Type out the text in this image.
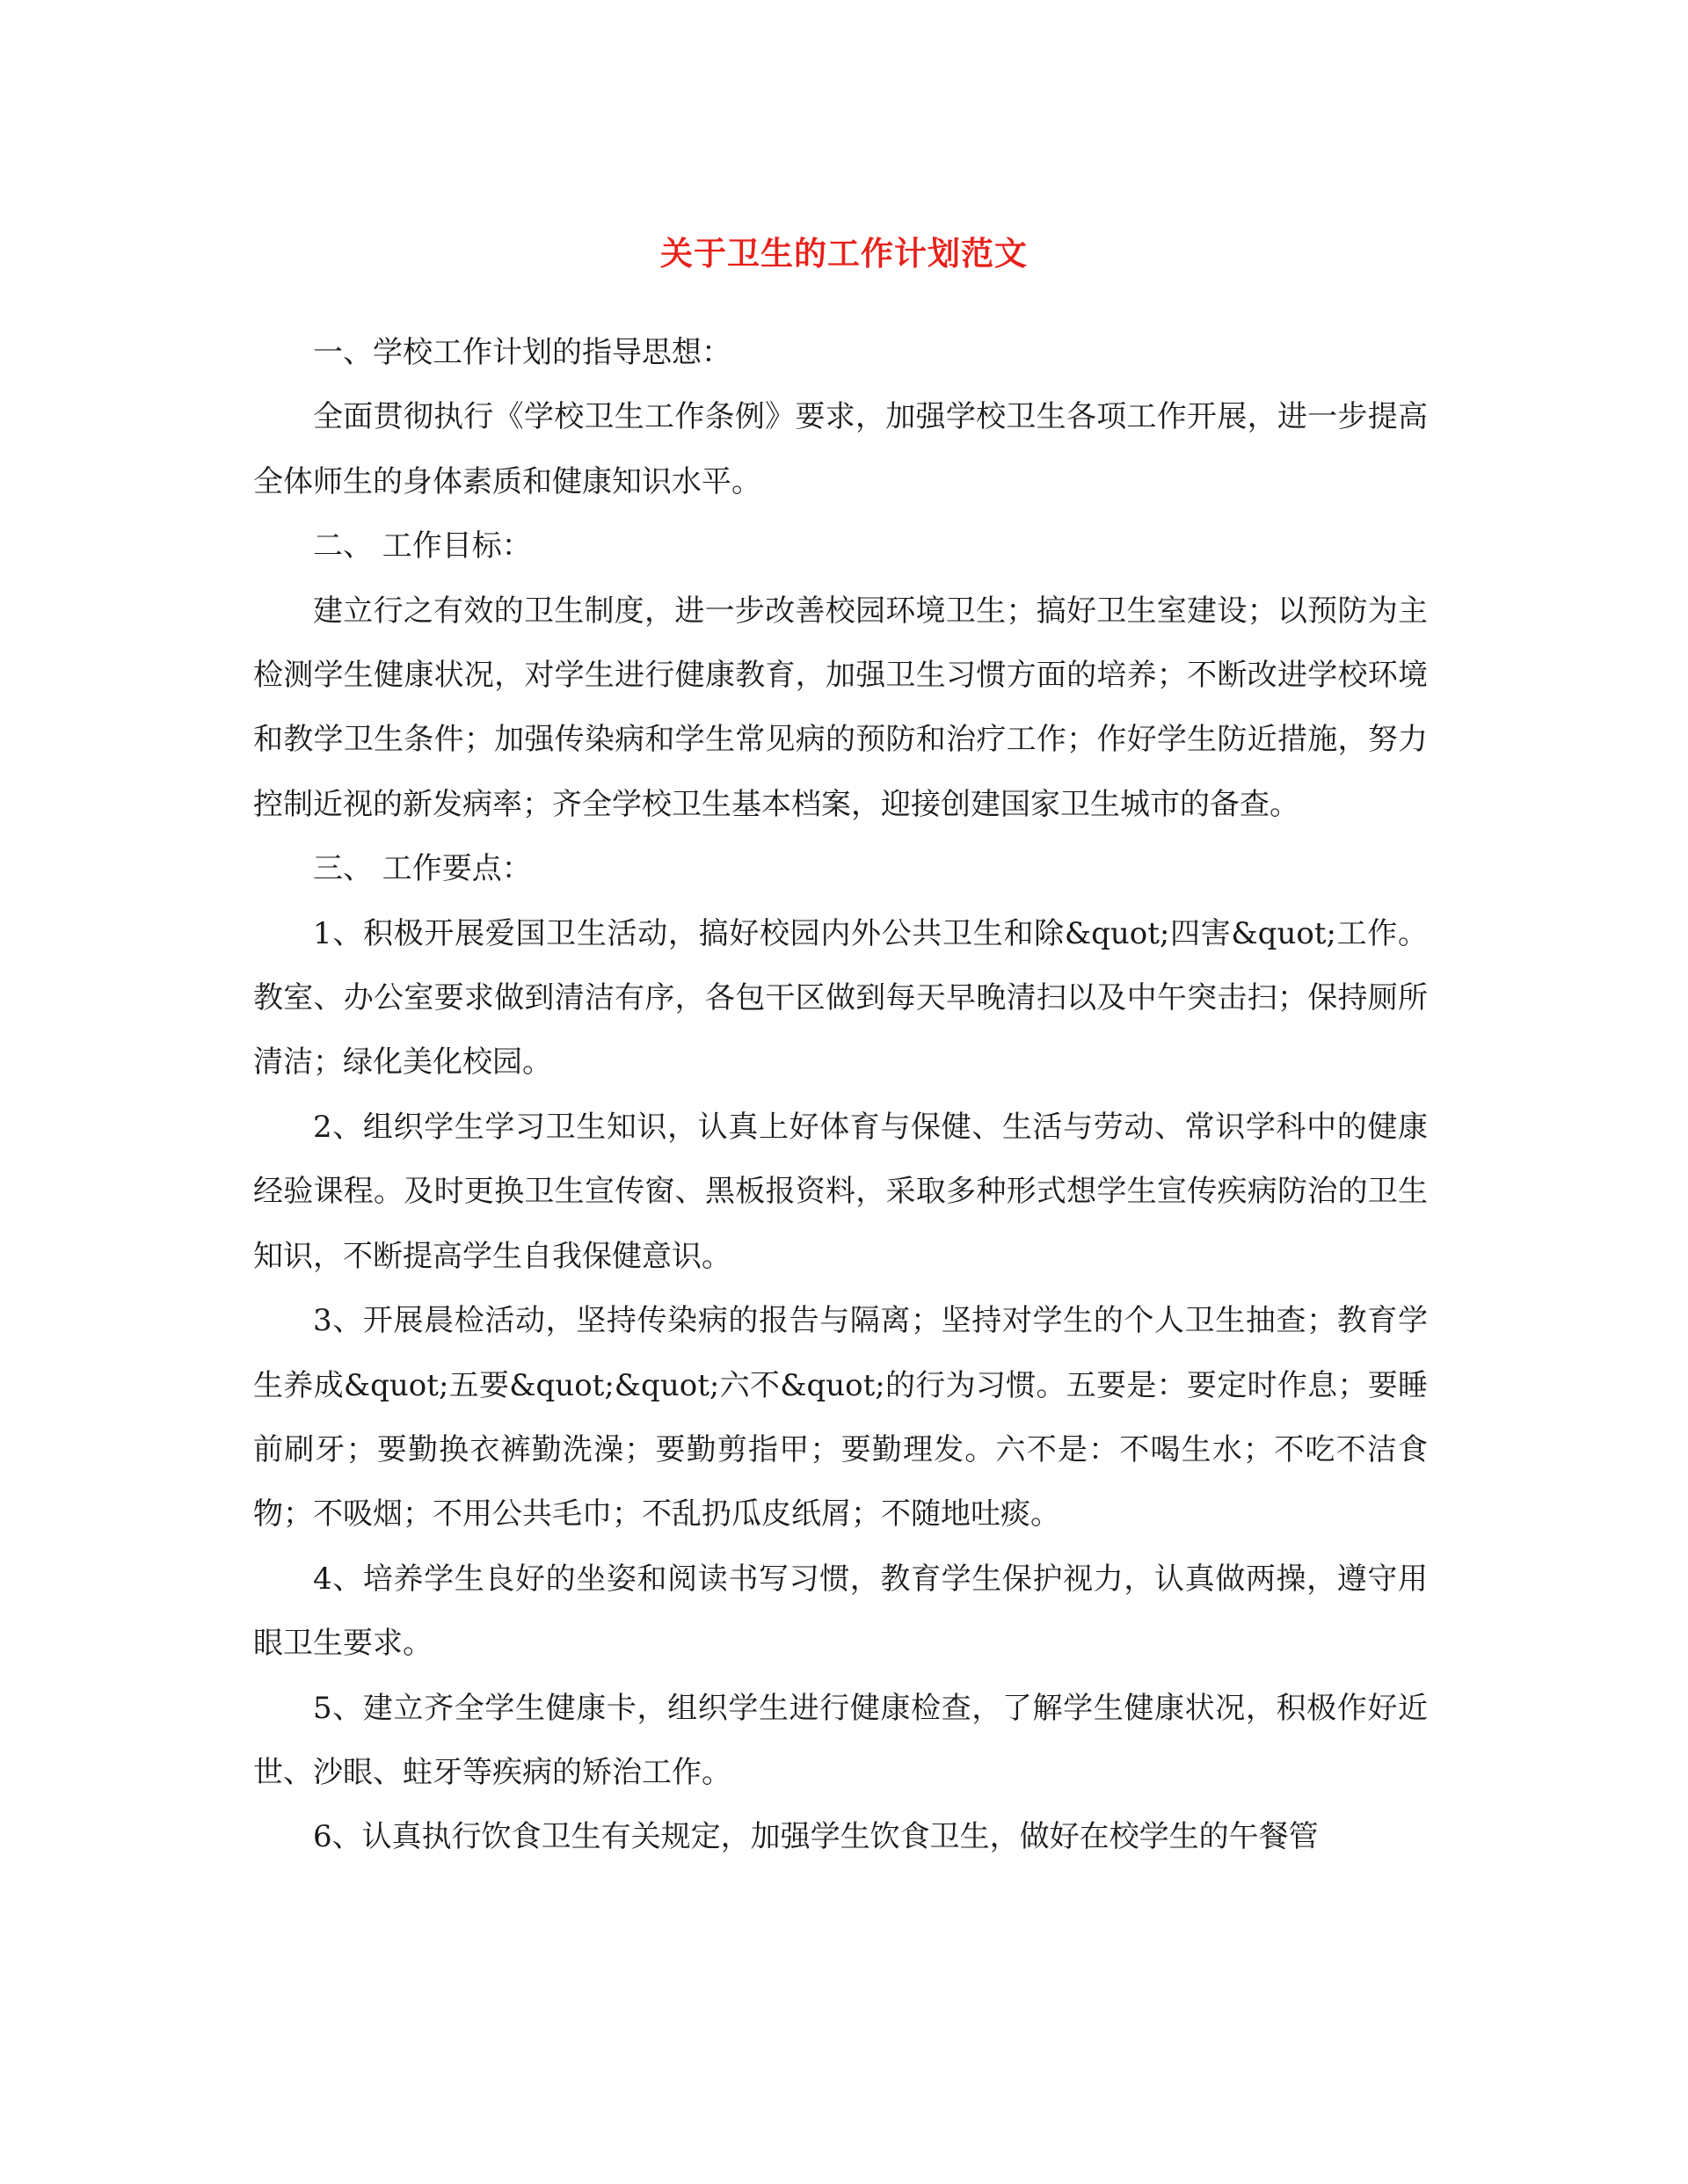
关于卫生的工作计划范文

一、学校工作计划的指导思想：

全面贯彻执行《学校卫生工作条例》要求，加强学校卫生各项工作开展，进一步提高全体师生的身体素质和健康知识水平。

二、 工作目标：

建立行之有效的卫生制度，进一步改善校园环境卫生；搞好卫生室建设；以预防为主检测学生健康状况，对学生进行健康教育，加强卫生习惯方面的培养；不断改进学校环境和教学卫生条件；加强传染病和学生常见病的预防和治疗工作；作好学生防近措施，努力控制近视的新发病率；齐全学校卫生基本档案，迎接创建国家卫生城市的备查。

三、 工作要点：

1、积极开展爱国卫生活动，搞好校园内外公共卫生和除&quot;四害&quot;工作。教室、办公室要求做到清洁有序，各包干区做到每天早晚清扫以及中午突击扫；保持厕所清洁；绿化美化校园。

2、组织学生学习卫生知识，认真上好体育与保健、生活与劳动、常识学科中的健康经验课程。及时更换卫生宣传窗、黑板报资料，采取多种形式想学生宣传疾病防治的卫生知识，不断提高学生自我保健意识。

3、开展晨检活动，坚持传染病的报告与隔离；坚持对学生的个人卫生抽查；教育学生养成&quot;五要&quot;&quot;六不&quot;的行为习惯。五要是：要定时作息；要睡前刷牙；要勤换衣裤勤洗澡；要勤剪指甲；要勤理发。六不是：不喝生水；不吃不洁食物；不吸烟；不用公共毛巾；不乱扔瓜皮纸屑；不随地吐痰。

4、培养学生良好的坐姿和阅读书写习惯，教育学生保护视力，认真做两操，遵守用眼卫生要求。

5、建立齐全学生健康卡，组织学生进行健康检查，了解学生健康状况，积极作好近世、沙眼、蛀牙等疾病的矫治工作。

6、认真执行饮食卫生有关规定，加强学生饮食卫生，做好在校学生的午餐管
